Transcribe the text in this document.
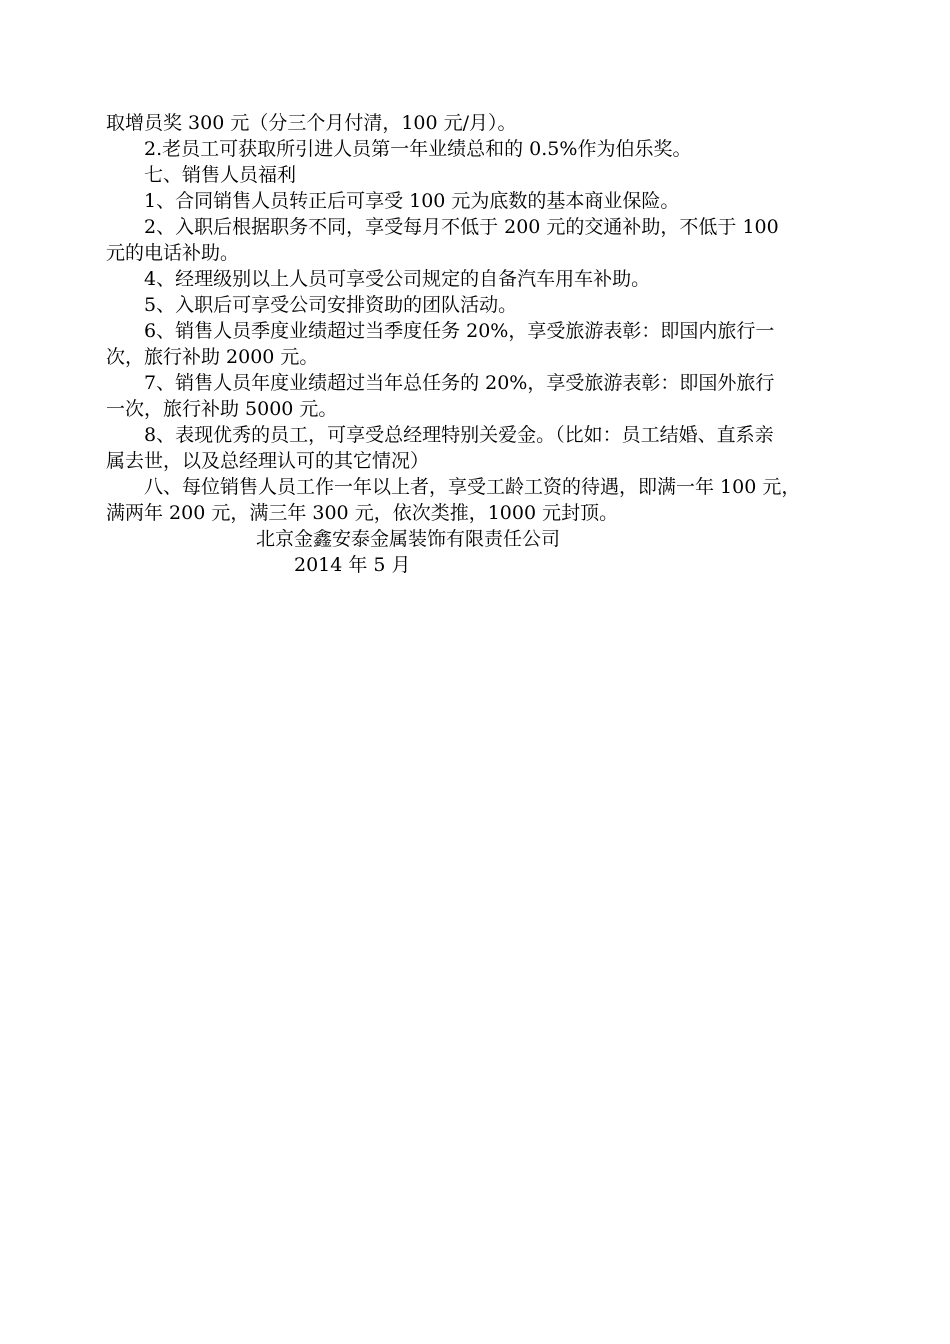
取增员奖 300 元（分三个月付清，100 元/月）。
2.老员工可获取所引进人员第一年业绩总和的 0.5%作为伯乐奖。
七、销售人员福利
1、合同销售人员转正后可享受 100 元为底数的基本商业保险。
2、入职后根据职务不同，享受每月不低于 200 元的交通补助，不低于 100
元的电话补助。
4、经理级别以上人员可享受公司规定的自备汽车用车补助。
5、入职后可享受公司安排资助的团队活动。
6、销售人员季度业绩超过当季度任务 20%，享受旅游表彰：即国内旅行一
次，旅行补助 2000 元。
7、销售人员年度业绩超过当年总任务的 20%，享受旅游表彰：即国外旅行
一次，旅行补助 5000 元。
8、表现优秀的员工，可享受总经理特别关爱金。（比如：员工结婚、直系亲
属去世，以及总经理认可的其它情况）
八、每位销售人员工作一年以上者，享受工龄工资的待遇，即满一年 100 元，
满两年 200 元，满三年 300 元，依次类推，1000 元封顶。
北京金鑫安泰金属装饰有限责任公司
2014 年 5 月
